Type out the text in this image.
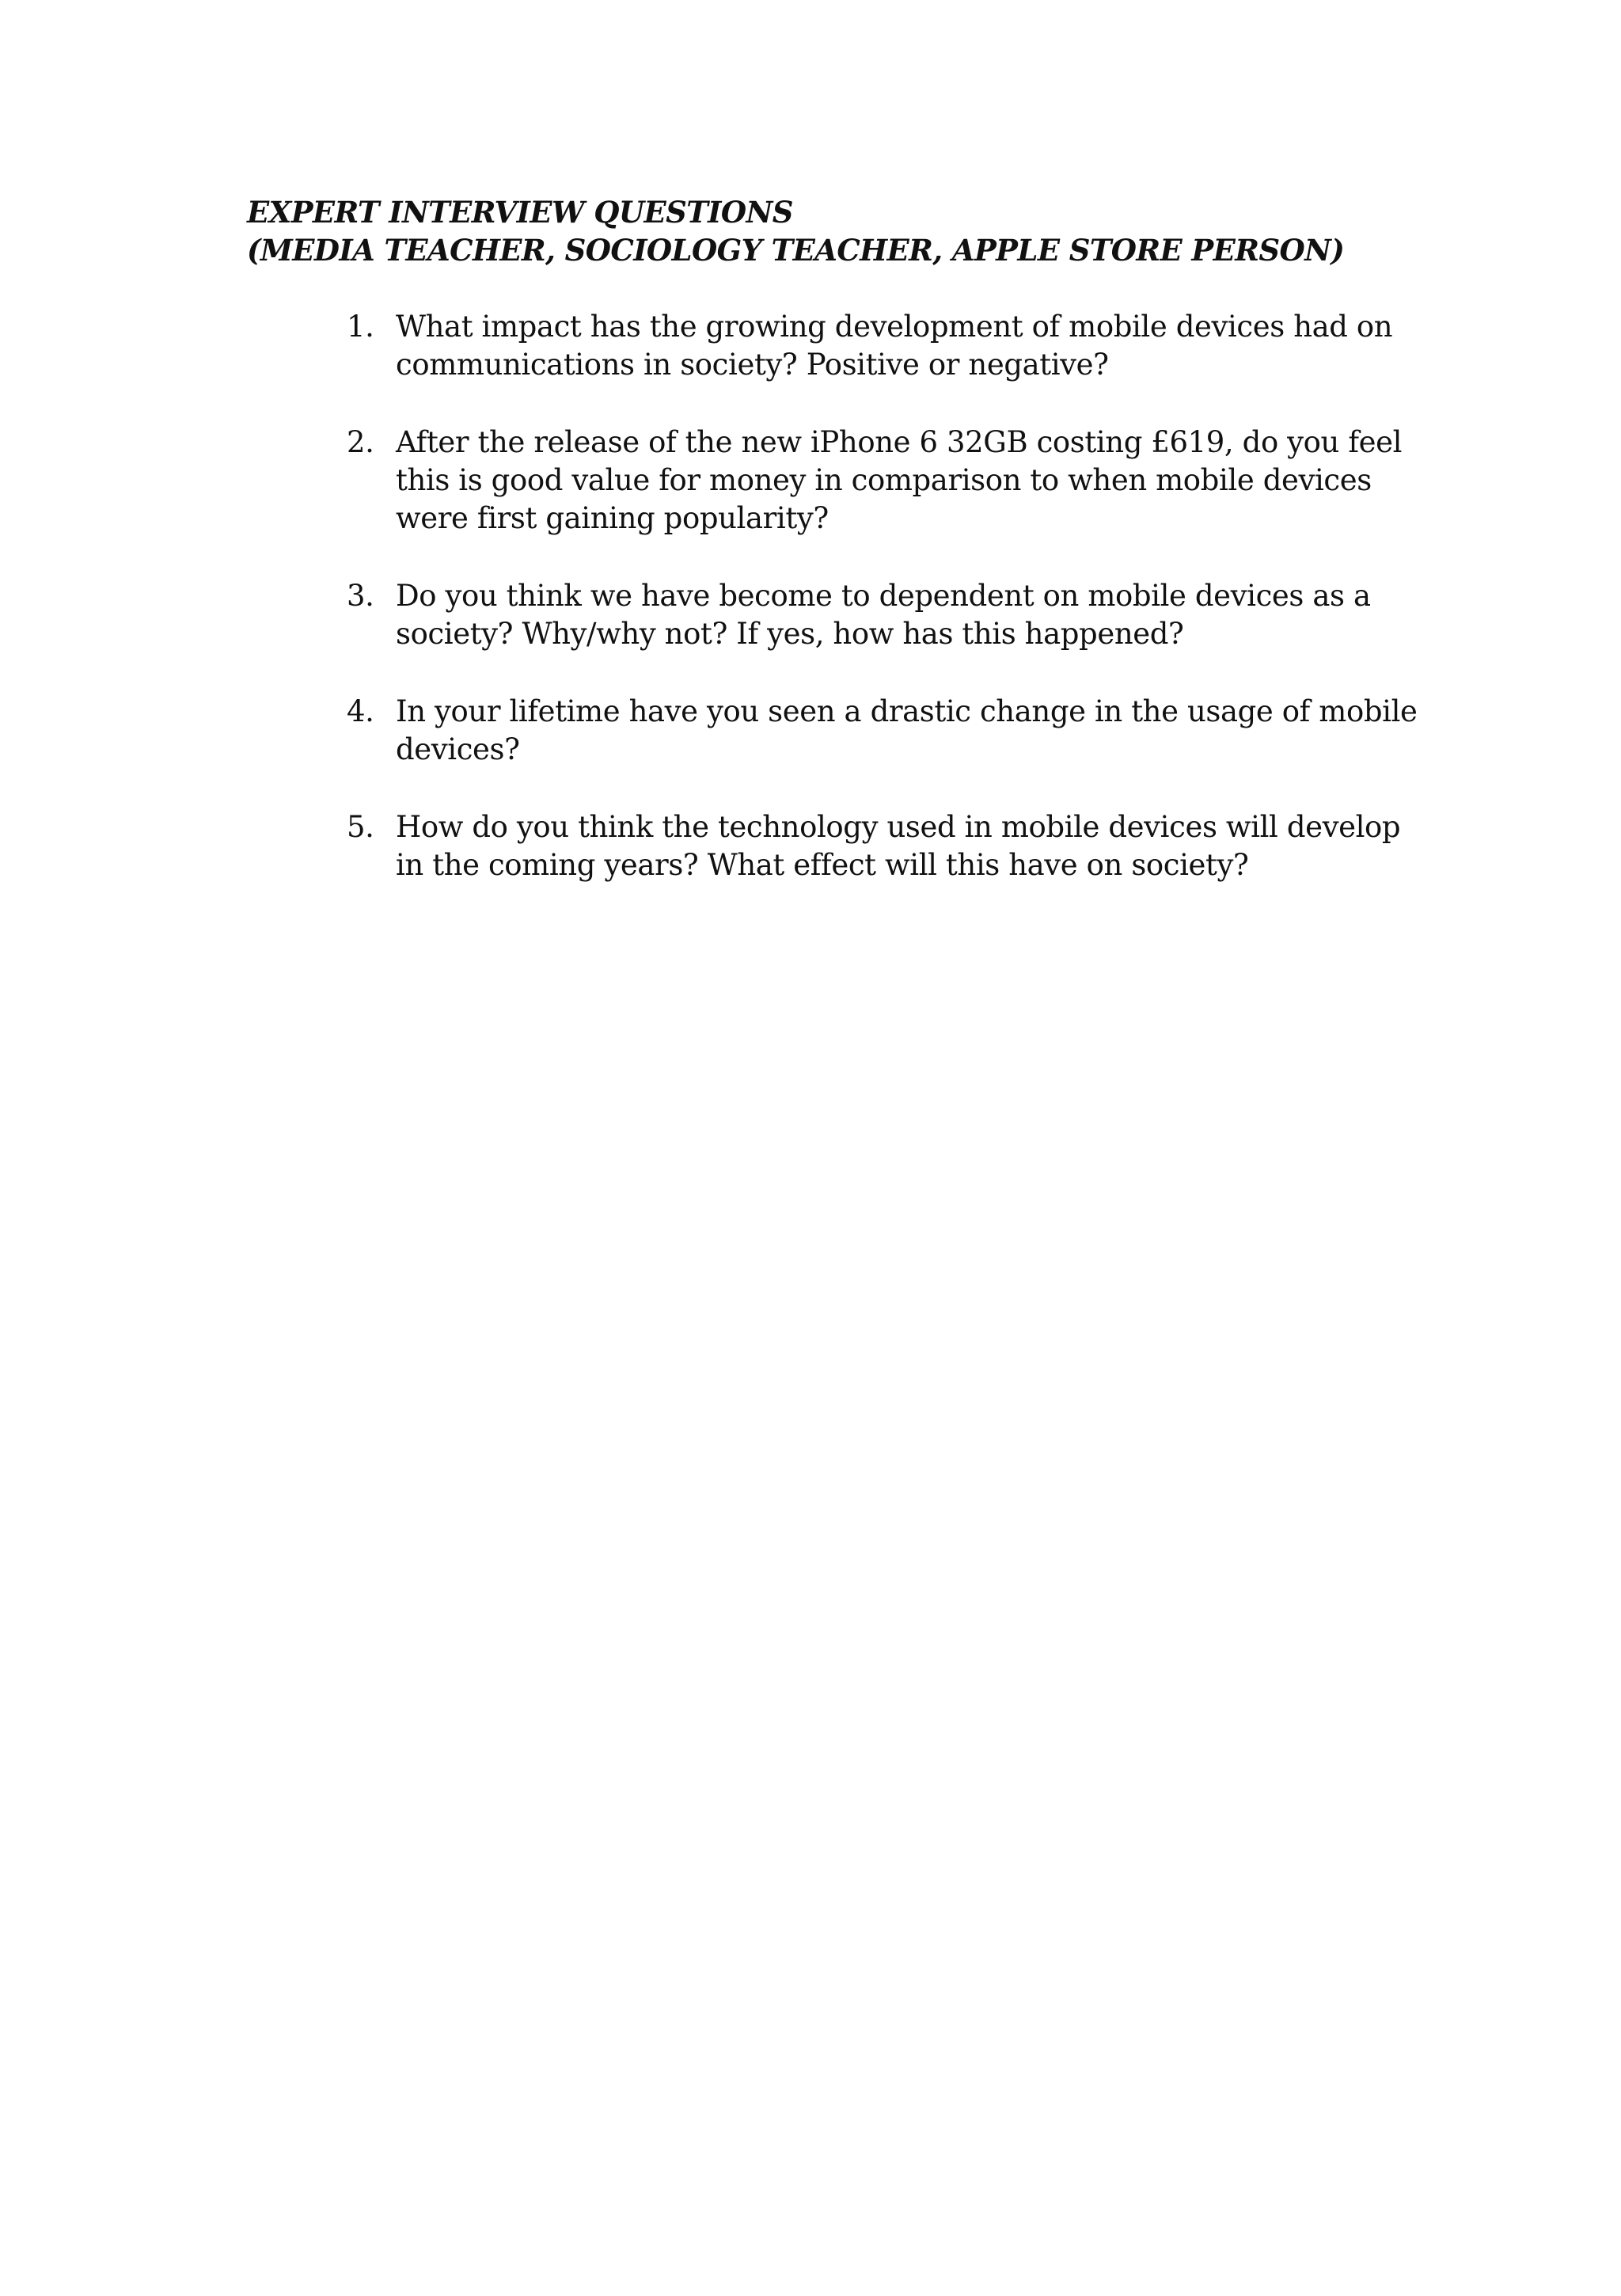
EXPERT INTERVIEW QUESTIONS
(MEDIA TEACHER, SOCIOLOGY TEACHER, APPLE STORE PERSON)
1. What impact has the growing development of mobile devices had on
communications in society? Positive or negative?
2. After the release of the new iPhone 6 32GB costing £619, do you feel
this is good value for money in comparison to when mobile devices
were first gaining popularity?
3. Do you think we have become to dependent on mobile devices as a
society? Why/why not? If yes, how has this happened?
4. In your lifetime have you seen a drastic change in the usage of mobile
devices?
5. How do you think the technology used in mobile devices will develop
in the coming years? What effect will this have on society?
